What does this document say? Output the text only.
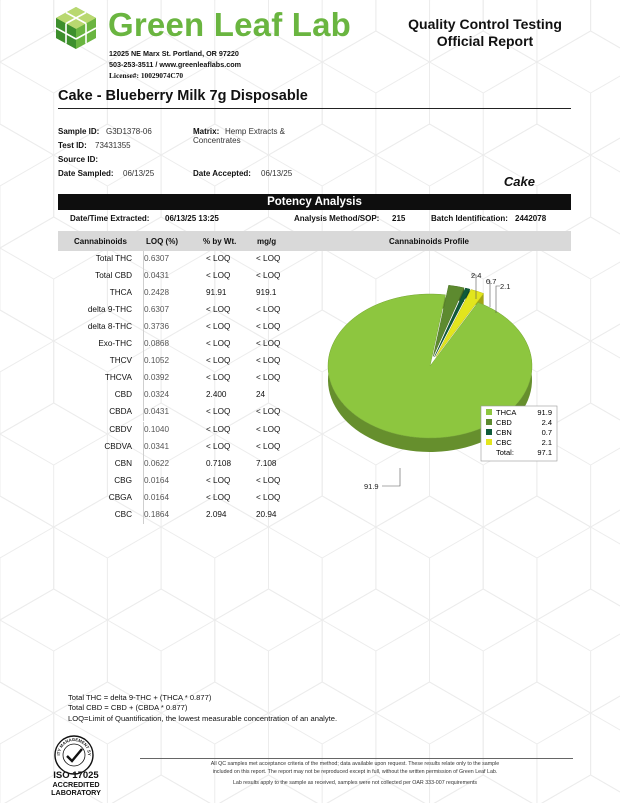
Green Leaf Lab
12025 NE Marx St. Portland, OR 97220
503-253-3511 / www.greenleaflabs.com
License#: 10029074C70
Quality Control Testing
Official Report
Cake - Blueberry Milk 7g Disposable
Sample ID: G3D1378-06
Test ID: 73431355
Source ID:
Date Sampled: 06/13/25
Matrix: Hemp Extracts &
Concentrates
Date Accepted: 06/13/25
Cake
Potency Analysis
Date/Time Extracted: 06/13/25 13:25	Analysis Method/SOP: 215	Batch Identification: 2442078
Cannabinoids LOQ (%)	% by Wt.	mg/g	Cannabinoids Profile
Total THC 0.6307	< LOQ	< LOQ
Total CBD 0.0431	< LOQ	< LOQ
THCA 0.2428	91.91	919.1
delta 9-THC 0.6307	< LOQ	< LOQ
delta 8-THC 0.3736	< LOQ	< LOQ
Exo-THC 0.0868	< LOQ	< LOQ
THCV 0.1052	< LOQ	< LOQ
THCVA 0.0392	< LOQ	< LOQ
CBD 0.0324	2.400	24
CBDA 0.0431	< LOQ	< LOQ
CBDV 0.1040	< LOQ	< LOQ
CBDVA 0.0341	< LOQ	< LOQ
CBN 0.0622	0.7108	7.108
CBG 0.0164	< LOQ	< LOQ
CBGA 0.0164	< LOQ	< LOQ
CBC 0.1864	2.094	20.94
91.9
2.4
0.7
2.1
THCA	91.9
CBD	2.4
CBN	0.7
CBC	2.1
Total:	97.1
Total THC = delta 9-THC + (THCA * 0.877)
Total CBD = CBD + (CBDA * 0.877)
LOQ=Limit of Quantification, the lowest measurable concentration of an analyte.
ITY MANAGEMENT SY
ISO 17025
ACCREDITED
LABORATORY
All QC samples met acceptance criteria of the method; data available upon request. These results relate only to the sample
included on this report. The report may not be reproduced except in full, without the written permission of Green Leaf Lab.
Lab results apply to the sample as received, samples were not collected per OAR 333-007 requirements
